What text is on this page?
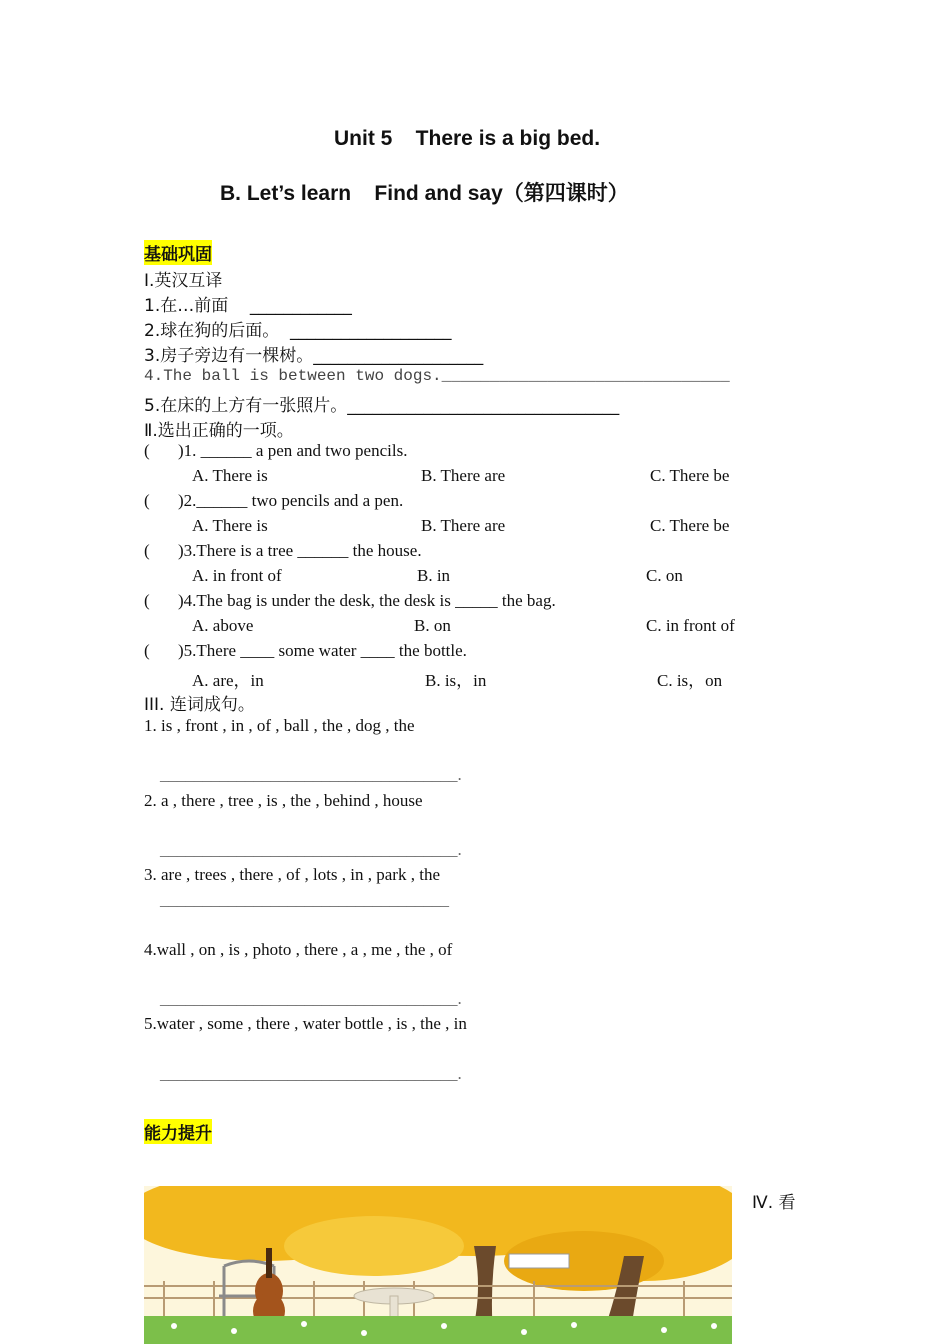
Unit 5    There is a big bed.
B. Let’s learn    Find and say（第四课时）
基础巩固
Ⅰ.英汉互译
1.在…前面    ____________
2.球在狗的后面。  ___________________
3.房子旁边有一棵树。____________________
4.The ball is between two dogs.______________________________
5.在床的上方有一张照片。________________________________
Ⅱ.选出正确的一项。
( )1. ______ a pen and two pencils.
A. There is	B. There are	C. There be
( )2.______ two pencils and a pen.
A. There is	B. There are	C. There be
( )3.There is a tree ______ the house.
A. in front of	B. in	C. on
( )4.The bag is under the desk, the desk is _____ the bag.
A. above	B. on	C. in front of
( )5.There ____ some water ____ the bottle.
A. are，in	B. is，in	C. is，on
III. 连词成句。
1. is , front , in , of , ball , the , dog , the
___________________________________.
2. a , there , tree , is , the , behind , house
___________________________________.
3. are , trees , there , of , lots , in , park , the
__________________________________
4.wall , on , is , photo , there , a , me , the , of
___________________________________.
5.water , some , there , water bottle , is , the , in
___________________________________.
能力提升
Ⅳ. 看
